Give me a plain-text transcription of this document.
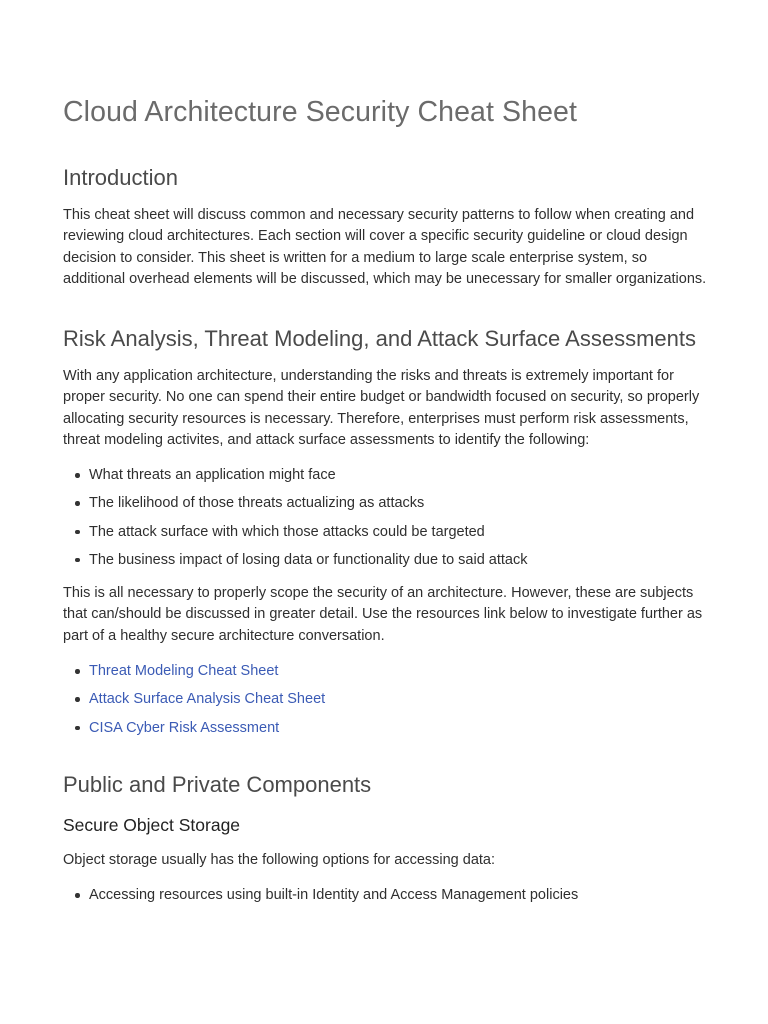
Cloud Architecture Security Cheat Sheet
Introduction

This cheat sheet will discuss common and necessary security patterns to follow when creating and reviewing cloud architectures. Each section will cover a specific security guideline or cloud design decision to consider. This sheet is written for a medium to large scale enterprise system, so additional overhead elements will be discussed, which may be unecessary for smaller organizations.

Risk Analysis, Threat Modeling, and Attack Surface Assessments

With any application architecture, understanding the risks and threats is extremely important for proper security. No one can spend their entire budget or bandwidth focused on security, so properly allocating security resources is necessary. Therefore, enterprises must perform risk assessments, threat modeling activites, and attack surface assessments to identify the following:

What threats an application might face
The likelihood of those threats actualizing as attacks
The attack surface with which those attacks could be targeted
The business impact of losing data or functionality due to said attack

This is all necessary to properly scope the security of an architecture. However, these are subjects that can/should be discussed in greater detail. Use the resources link below to investigate further as part of a healthy secure architecture conversation.

Threat Modeling Cheat Sheet
Attack Surface Analysis Cheat Sheet
CISA Cyber Risk Assessment
Public and Private Components
Secure Object Storage

Object storage usually has the following options for accessing data:

Accessing resources using built-in Identity and Access Management policies
